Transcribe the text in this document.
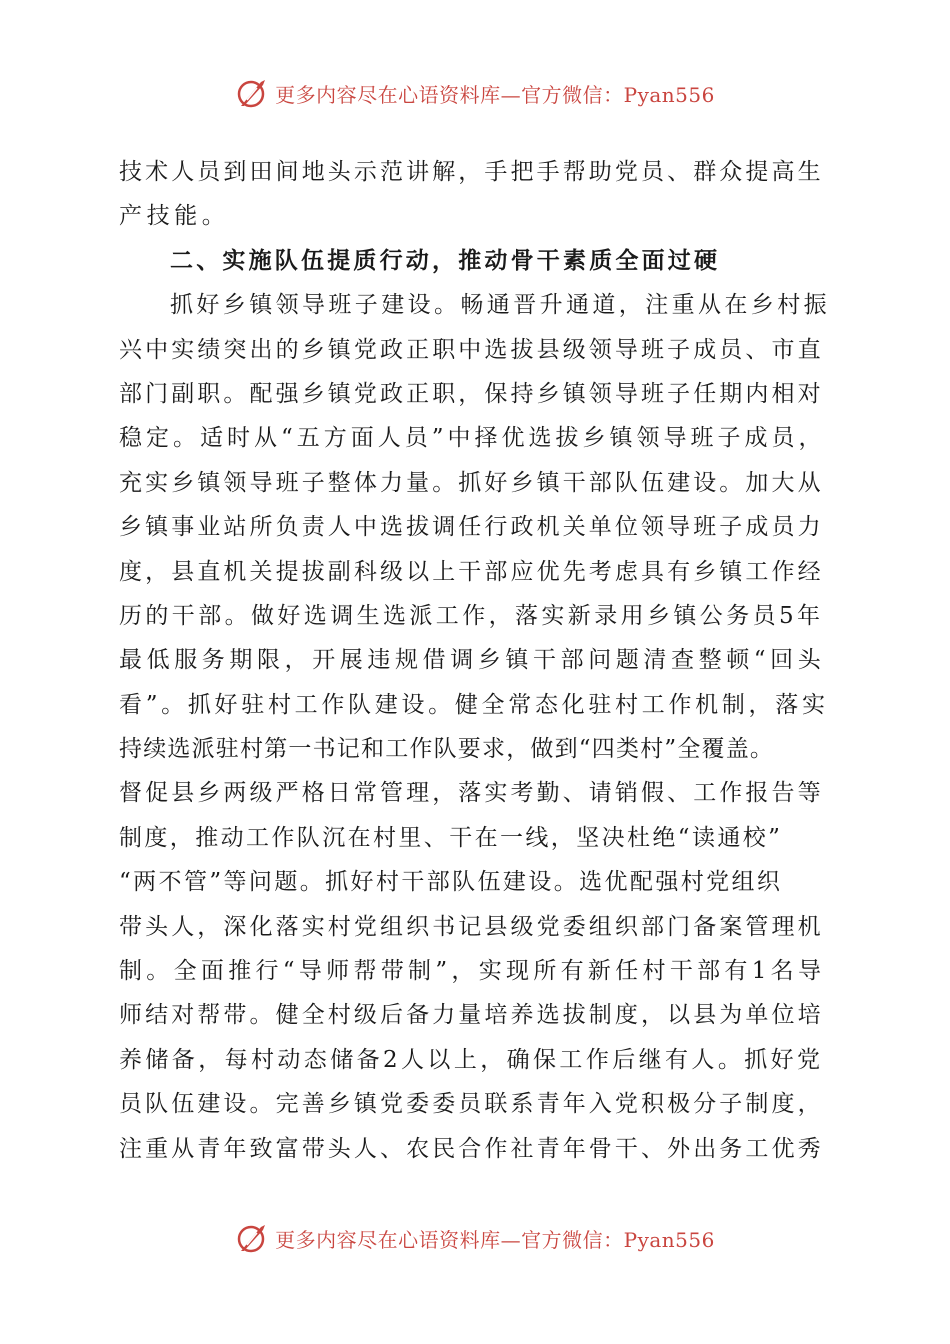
更多内容尽在心语资料库—官方微信：Pyan556
技术人员到田间地头示范讲解，手把手帮助党员、群众提高生
产技能。
二、实施队伍提质行动，推动骨干素质全面过硬
抓好乡镇领导班子建设。畅通晋升通道，注重从在乡村振
兴中实绩突出的乡镇党政正职中选拔县级领导班子成员、市直
部门副职。配强乡镇党政正职，保持乡镇领导班子任期内相对
稳定。适时从“五方面人员”中择优选拔乡镇领导班子成员，
充实乡镇领导班子整体力量。抓好乡镇干部队伍建设。加大从
乡镇事业站所负责人中选拔调任行政机关单位领导班子成员力
度，县直机关提拔副科级以上干部应优先考虑具有乡镇工作经
历的干部。做好选调生选派工作，落实新录用乡镇公务员5年
最低服务期限，开展违规借调乡镇干部问题清查整顿“回头
看”。抓好驻村工作队建设。健全常态化驻村工作机制，落实
持续选派驻村第一书记和工作队要求，做到“四类村”全覆盖。
督促县乡两级严格日常管理，落实考勤、请销假、工作报告等
制度，推动工作队沉在村里、干在一线，坚决杜绝“读通校”
“两不管”等问题。抓好村干部队伍建设。选优配强村党组织
带头人，深化落实村党组织书记县级党委组织部门备案管理机
制。全面推行“导师帮带制”，实现所有新任村干部有1名导
师结对帮带。健全村级后备力量培养选拔制度，以县为单位培
养储备，每村动态储备2人以上，确保工作后继有人。抓好党
员队伍建设。完善乡镇党委委员联系青年入党积极分子制度，
注重从青年致富带头人、农民合作社青年骨干、外出务工优秀
更多内容尽在心语资料库—官方微信：Pyan556
